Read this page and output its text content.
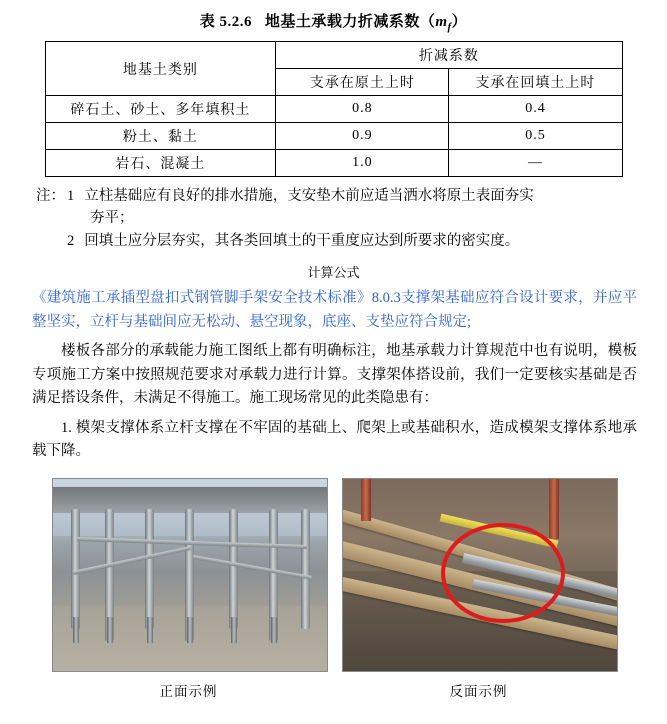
表 5.2.6 地基土承载力折减系数$(m_f)$
地基土类别	折减系数	
	支承在原土上时	支承在回填土上时
碎石土、砂土、多年填积土	0.8	0.4
粉土、黏土	0.9	0.5
岩石、混凝土	1.0	—
注： 1 立柱基础应有良好的排水措施，支安垫木前应适当洒水将原土表面夯实
夯平；
2 回填土应分层夯实，其各类回填土的干重度应达到所要求的密实度。
计算公式
《建筑施工承插型盘扣式钢管脚手架安全技术标准》8.0.3支撑架基础应符合设计要求，并应平整坚实，立杆与基础间应无松动、悬空现象，底座、支垫应符合规定;
楼板各部分的承载能力施工图纸上都有明确标注，地基承载力计算规范中也有说明，模板专项施工方案中按照规范要求对承载力进行计算。支撑架体搭设前，我们一定要核实基础是否满足搭设条件，未满足不得施工。施工现场常见的此类隐患有：
1. 模架支撑体系立杆支撑在不牢固的基础上、爬架上或基础积水，造成模架支撑体系地承载下降。
正面示例	反面示例
